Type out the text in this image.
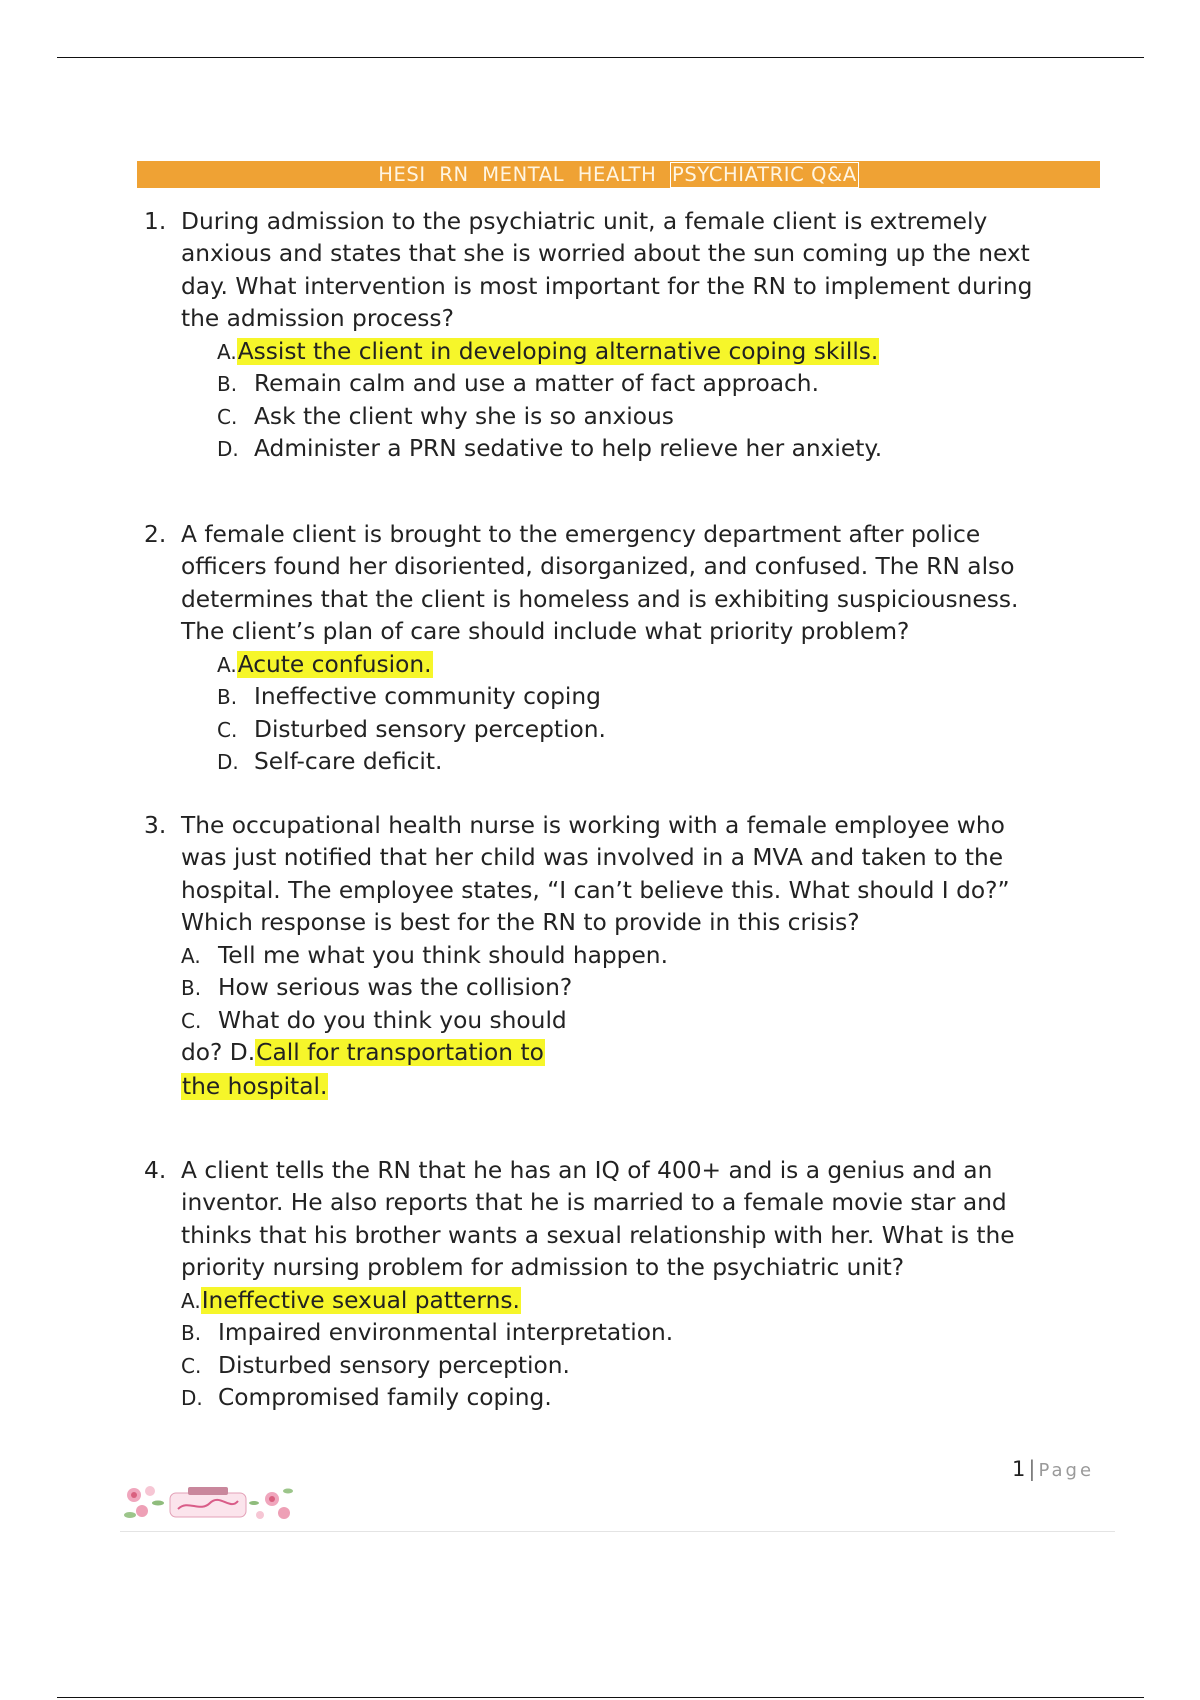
HESI  RN  MENTAL  HEALTH PSYCHIATRIC Q&A
1. During admission to the psychiatric unit, a female client is extremely
anxious and states that she is worried about the sun coming up the next
day. What intervention is most important for the RN to implement during
the admission process?
A.Assist the client in developing alternative coping skills.
B. Remain calm and use a matter of fact approach.
C. Ask the client why she is so anxious
D. Administer a PRN sedative to help relieve her anxiety.
2. A female client is brought to the emergency department after police
officers found her disoriented, disorganized, and confused. The RN also
determines that the client is homeless and is exhibiting suspiciousness.
The client’s plan of care should include what priority problem?
A.Acute confusion.
B. Ineffective community coping
C. Disturbed sensory perception.
D. Self-care deficit.
3. The occupational health nurse is working with a female employee who
was just notified that her child was involved in a MVA and taken to the
hospital. The employee states, “I can’t believe this. What should I do?”
Which response is best for the RN to provide in this crisis?
A. Tell me what you think should happen.
B. How serious was the collision?
C. What do you think you should
do? D.Call for transportation to
the hospital.
4. A client tells the RN that he has an IQ of 400+ and is a genius and an
inventor. He also reports that he is married to a female movie star and
thinks that his brother wants a sexual relationship with her. What is the
priority nursing problem for admission to the psychiatric unit?
A.Ineffective sexual patterns.
B. Impaired environmental interpretation.
C. Disturbed sensory perception.
D. Compromised family coping.
1 | Page
